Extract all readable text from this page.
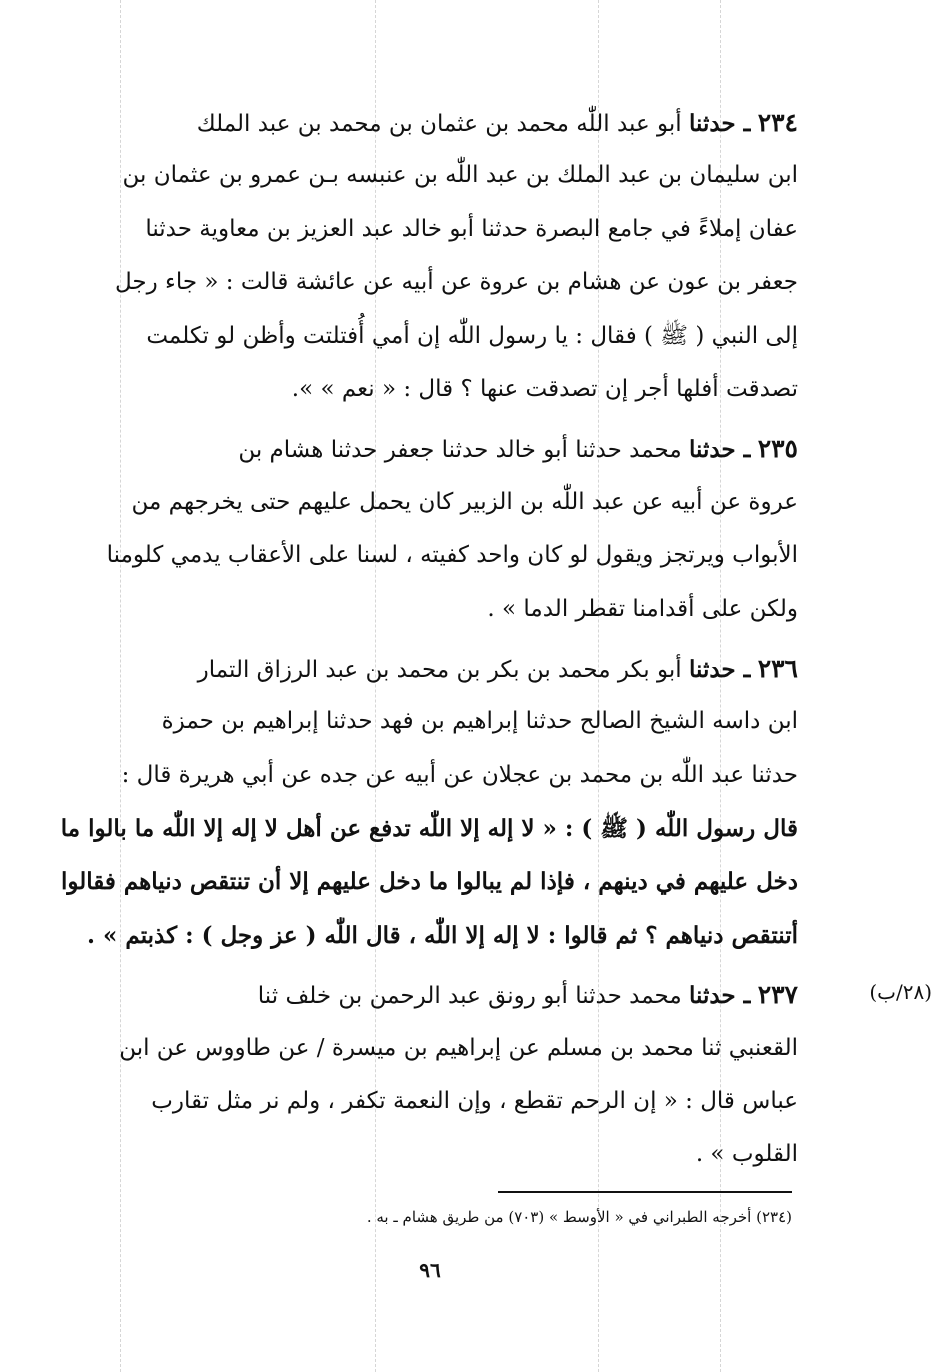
٢٣٤ ـ حدثنا أبو عبد اللّٰه محمد بن عثمان بن محمد بن عبد الملك
ابن سليمان بن عبد الملك بن عبد اللّٰه بن عنبسه بـن عمرو بن عثمان بن
عفان إملاءً في جامع البصرة حدثنا أبو خالد عبد العزيز بن معاوية حدثنا
جعفر بن عون عن هشام بن عروة عن أبيه عن عائشة قالت : « جاء رجل
إلى النبي ( ﷺ ) فقال : يا رسول اللّٰه إن أمي أُفتلتت وأظن لو تكلمت
تصدقت أفلها أجر إن تصدقت عنها ؟ قال : « نعم » ».
٢٣٥ ـ حدثنا محمد حدثنا أبو خالد حدثنا جعفر حدثنا هشام بن
عروة عن أبيه عن عبد اللّٰه بن الزبير كان يحمل عليهم حتى يخرجهم من
الأبواب ويرتجز ويقول لو كان واحد كفيته ، لسنا على الأعقاب يدمي كلومنا
ولكن على أقدامنا تقطر الدما » .
٢٣٦ ـ حدثنا أبو بكر محمد بن بكر بن محمد بن عبد الرزاق التمار
ابن داسه الشيخ الصالح حدثنا إبراهيم بن فهد حدثنا إبراهيم بن حمزة
حدثنا عبد اللّٰه بن محمد بن عجلان عن أبيه عن جده عن أبي هريرة قال :
قال رسول اللّٰه ( ﷺ ) : « لا إله إلا اللّٰه تدفع عن أهل لا إله إلا اللّٰه ما بالوا ما
دخل عليهم في دينهم ، فإذا لم يبالوا ما دخل عليهم إلا أن تنتقص دنياهم فقالوا
أتنتقص دنياهم ؟ ثم قالوا : لا إله إلا اللّٰه ، قال اللّٰه ( عز وجل ) : كذبتم » .
٢٣٧ ـ حدثنا محمد حدثنا أبو رونق عبد الرحمن بن خلف ثنا
القعنبي ثنا محمد بن مسلم عن إبراهيم بن ميسرة / عن طاووس عن ابن
عباس قال : « إن الرحم تقطع ، وإن النعمة تكفر ، ولم نر مثل تقارب
القلوب » .
(٢٨/ب)
(٢٣٤) أخرجه الطبراني في « الأوسط » (٧٠٣) من طريق هشام ـ به .
٩٦
